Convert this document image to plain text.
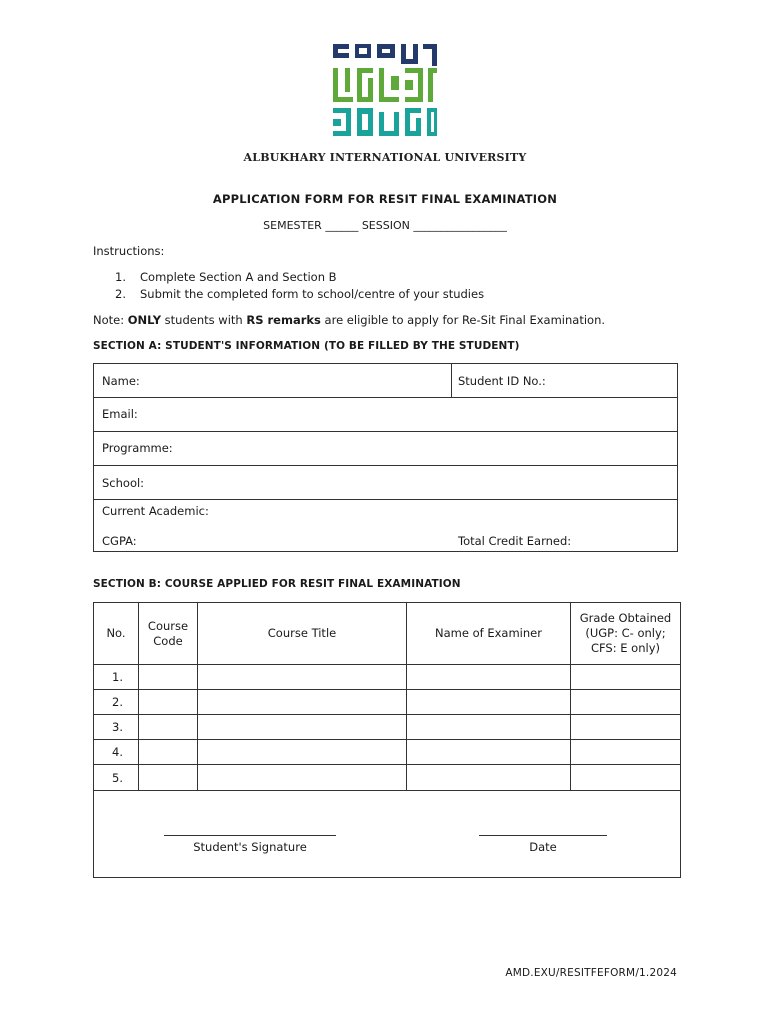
ALBUKHARY INTERNATIONAL UNIVERSITY
APPLICATION FORM FOR RESIT FINAL EXAMINATION
SEMESTER ______ SESSION _________________
Instructions:
1.	Complete Section A and Section B
2.	Submit the completed form to school/centre of your studies
Note: ONLY students with RS remarks are eligible to apply for Re-Sit Final Examination.
SECTION A: STUDENT'S INFORMATION (TO BE FILLED BY THE STUDENT)
Name:	Student ID No.:
Email:
Programme:
School:
Current Academic:
CGPA:	Total Credit Earned:
SECTION B: COURSE APPLIED FOR RESIT FINAL EXAMINATION
No.	Course Code	Course Title	Name of Examiner	Grade Obtained (UGP: C- only; CFS: E only)
1.				
2.				
3.				
4.				
5.				

Student's Signature Date				
AMD.EXU/RESITFEFORM/1.2024
